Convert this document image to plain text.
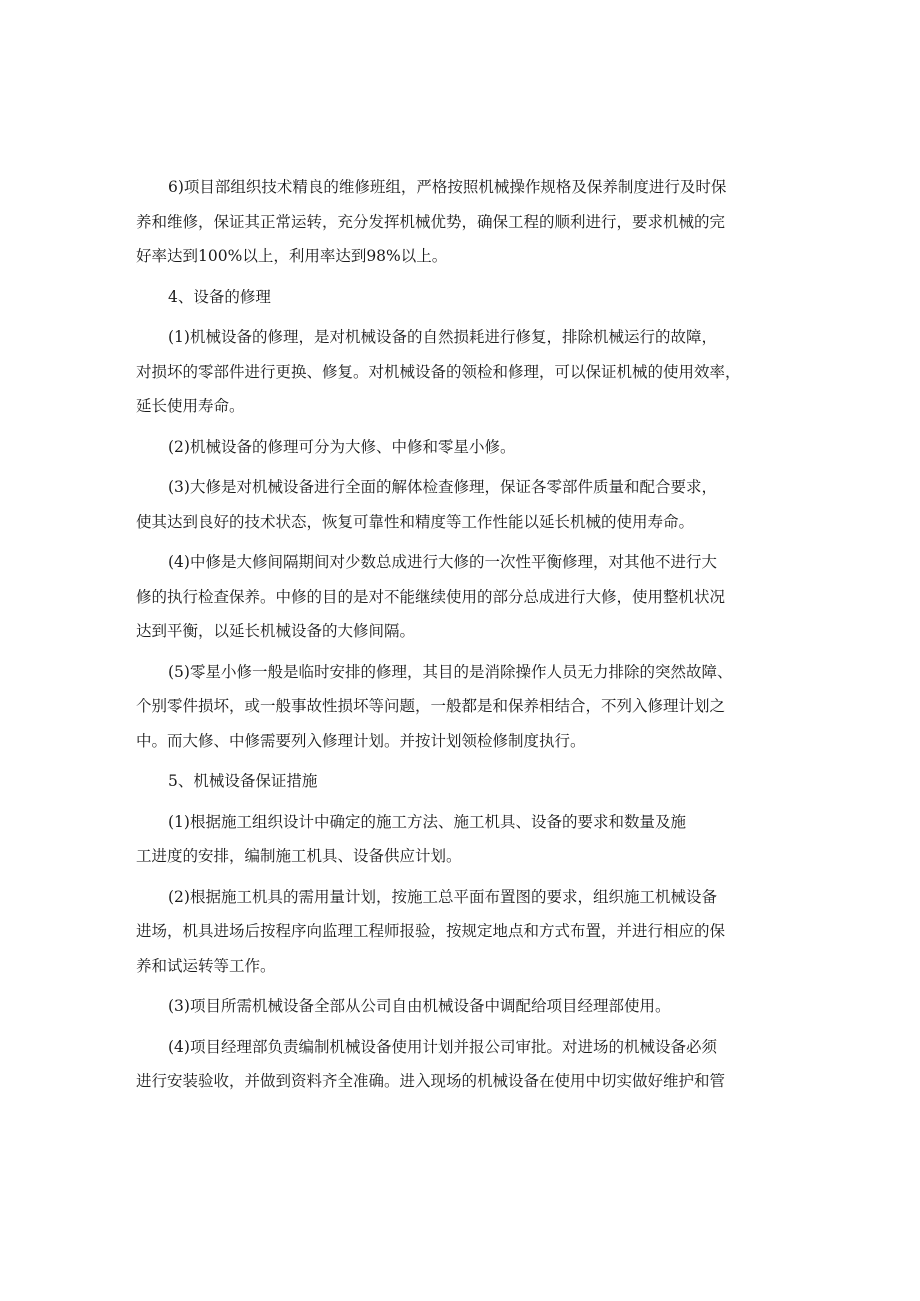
6)项目部组织技术精良的维修班组，严格按照机械操作规格及保养制度进行及时保
养和维修，保证其正常运转，充分发挥机械优势，确保工程的顺利进行，要求机械的完
好率达到100%以上，利用率达到98%以上。

4、设备的修理

(1)机械设备的修理，是对机械设备的自然损耗进行修复，排除机械运行的故障，
对损坏的零部件进行更换、修复。对机械设备的领检和修理，可以保证机械的使用效率，
延长使用寿命。

(2)机械设备的修理可分为大修、中修和零星小修。

(3)大修是对机械设备进行全面的解体检查修理，保证各零部件质量和配合要求，
使其达到良好的技术状态，恢复可靠性和精度等工作性能以延长机械的使用寿命。

(4)中修是大修间隔期间对少数总成进行大修的一次性平衡修理，对其他不进行大
修的执行检查保养。中修的目的是对不能继续使用的部分总成进行大修，使用整机状况
达到平衡，以延长机械设备的大修间隔。

(5)零星小修一般是临时安排的修理，其目的是消除操作人员无力排除的突然故障、
个别零件损坏，或一般事故性损坏等问题，一般都是和保养相结合，不列入修理计划之
中。而大修、中修需要列入修理计划。并按计划领检修制度执行。

5、机械设备保证措施

(1)根据施工组织设计中确定的施工方法、施工机具、设备的要求和数量及施
工进度的安排，编制施工机具、设备供应计划。

(2)根据施工机具的需用量计划，按施工总平面布置图的要求，组织施工机械设备
进场，机具进场后按程序向监理工程师报验，按规定地点和方式布置，并进行相应的保
养和试运转等工作。

(3)项目所需机械设备全部从公司自由机械设备中调配给项目经理部使用。

(4)项目经理部负责编制机械设备使用计划并报公司审批。对进场的机械设备必须
进行安装验收，并做到资料齐全准确。进入现场的机械设备在使用中切实做好维护和管
